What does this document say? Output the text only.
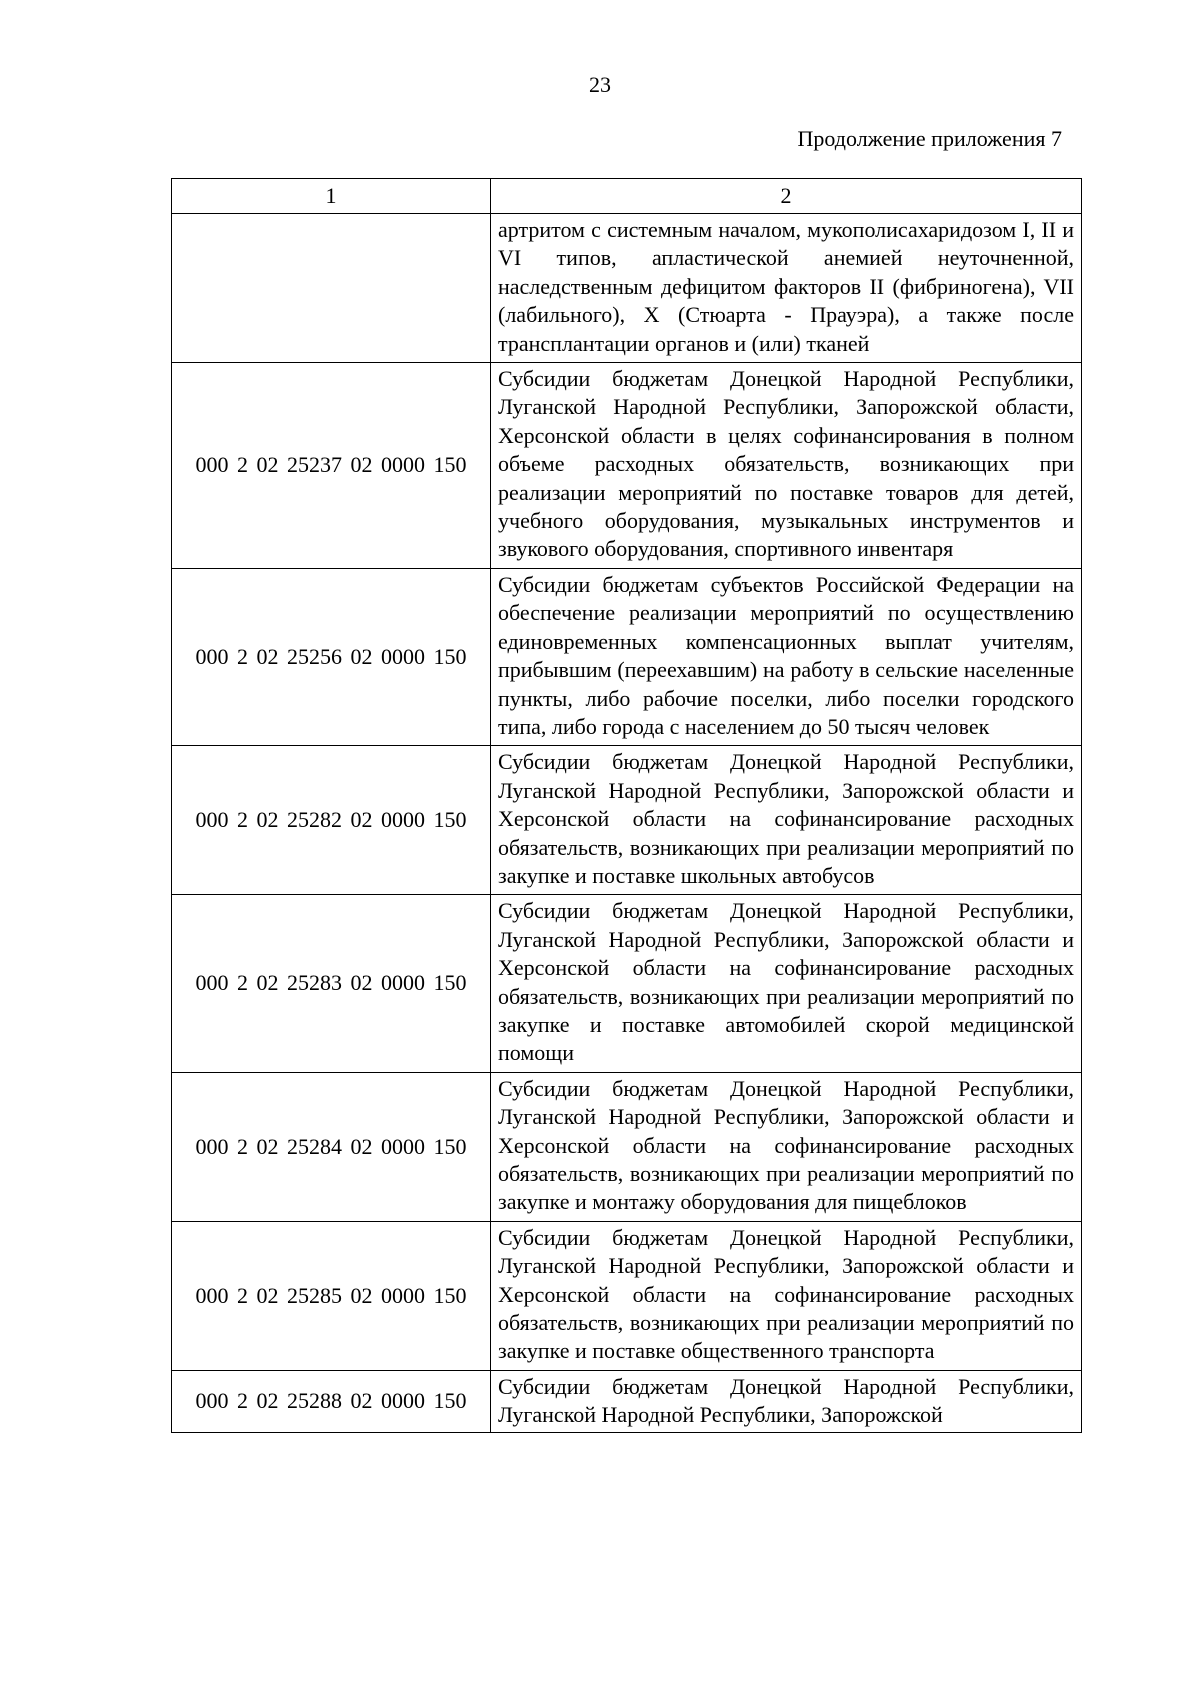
23
Продолжение приложения 7
1	2
	артритом с системным началом, мукополисахаридозом I, II и VI типов, апластической анемией неуточненной, наследственным дефицитом факторов II (фибриногена), VII (лабильного), X (Стюарта - Прауэра), а также после трансплантации органов и (или) тканей
000 2 02 25237 02 0000 150	Субсидии бюджетам Донецкой Народной Республики, Луганской Народной Республики, Запорожской области, Херсонской области в целях софинансирования в полном объеме расходных обязательств, возникающих при реализации мероприятий по поставке товаров для детей, учебного оборудования, музыкальных инструментов и звукового оборудования, спортивного инвентаря
000 2 02 25256 02 0000 150	Субсидии бюджетам субъектов Российской Федерации на обеспечение реализации мероприятий по осуществлению единовременных компенсационных выплат учителям, прибывшим (переехавшим) на работу в сельские населенные пункты, либо рабочие поселки, либо поселки городского типа, либо города с населением до 50 тысяч человек
000 2 02 25282 02 0000 150	Субсидии бюджетам Донецкой Народной Республики, Луганской Народной Республики, Запорожской области и Херсонской области на софинансирование расходных обязательств, возникающих при реализации мероприятий по закупке и поставке школьных автобусов
000 2 02 25283 02 0000 150	Субсидии бюджетам Донецкой Народной Республики, Луганской Народной Республики, Запорожской области и Херсонской области на софинансирование расходных обязательств, возникающих при реализации мероприятий по закупке и поставке автомобилей скорой медицинской помощи
000 2 02 25284 02 0000 150	Субсидии бюджетам Донецкой Народной Республики, Луганской Народной Республики, Запорожской области и Херсонской области на софинансирование расходных обязательств, возникающих при реализации мероприятий по закупке и монтажу оборудования для пищеблоков
000 2 02 25285 02 0000 150	Субсидии бюджетам Донецкой Народной Республики, Луганской Народной Республики, Запорожской области и Херсонской области на софинансирование расходных обязательств, возникающих при реализации мероприятий по закупке и поставке общественного транспорта
000 2 02 25288 02 0000 150	Субсидии бюджетам Донецкой Народной Республики, Луганской Народной Республики, Запорожской
